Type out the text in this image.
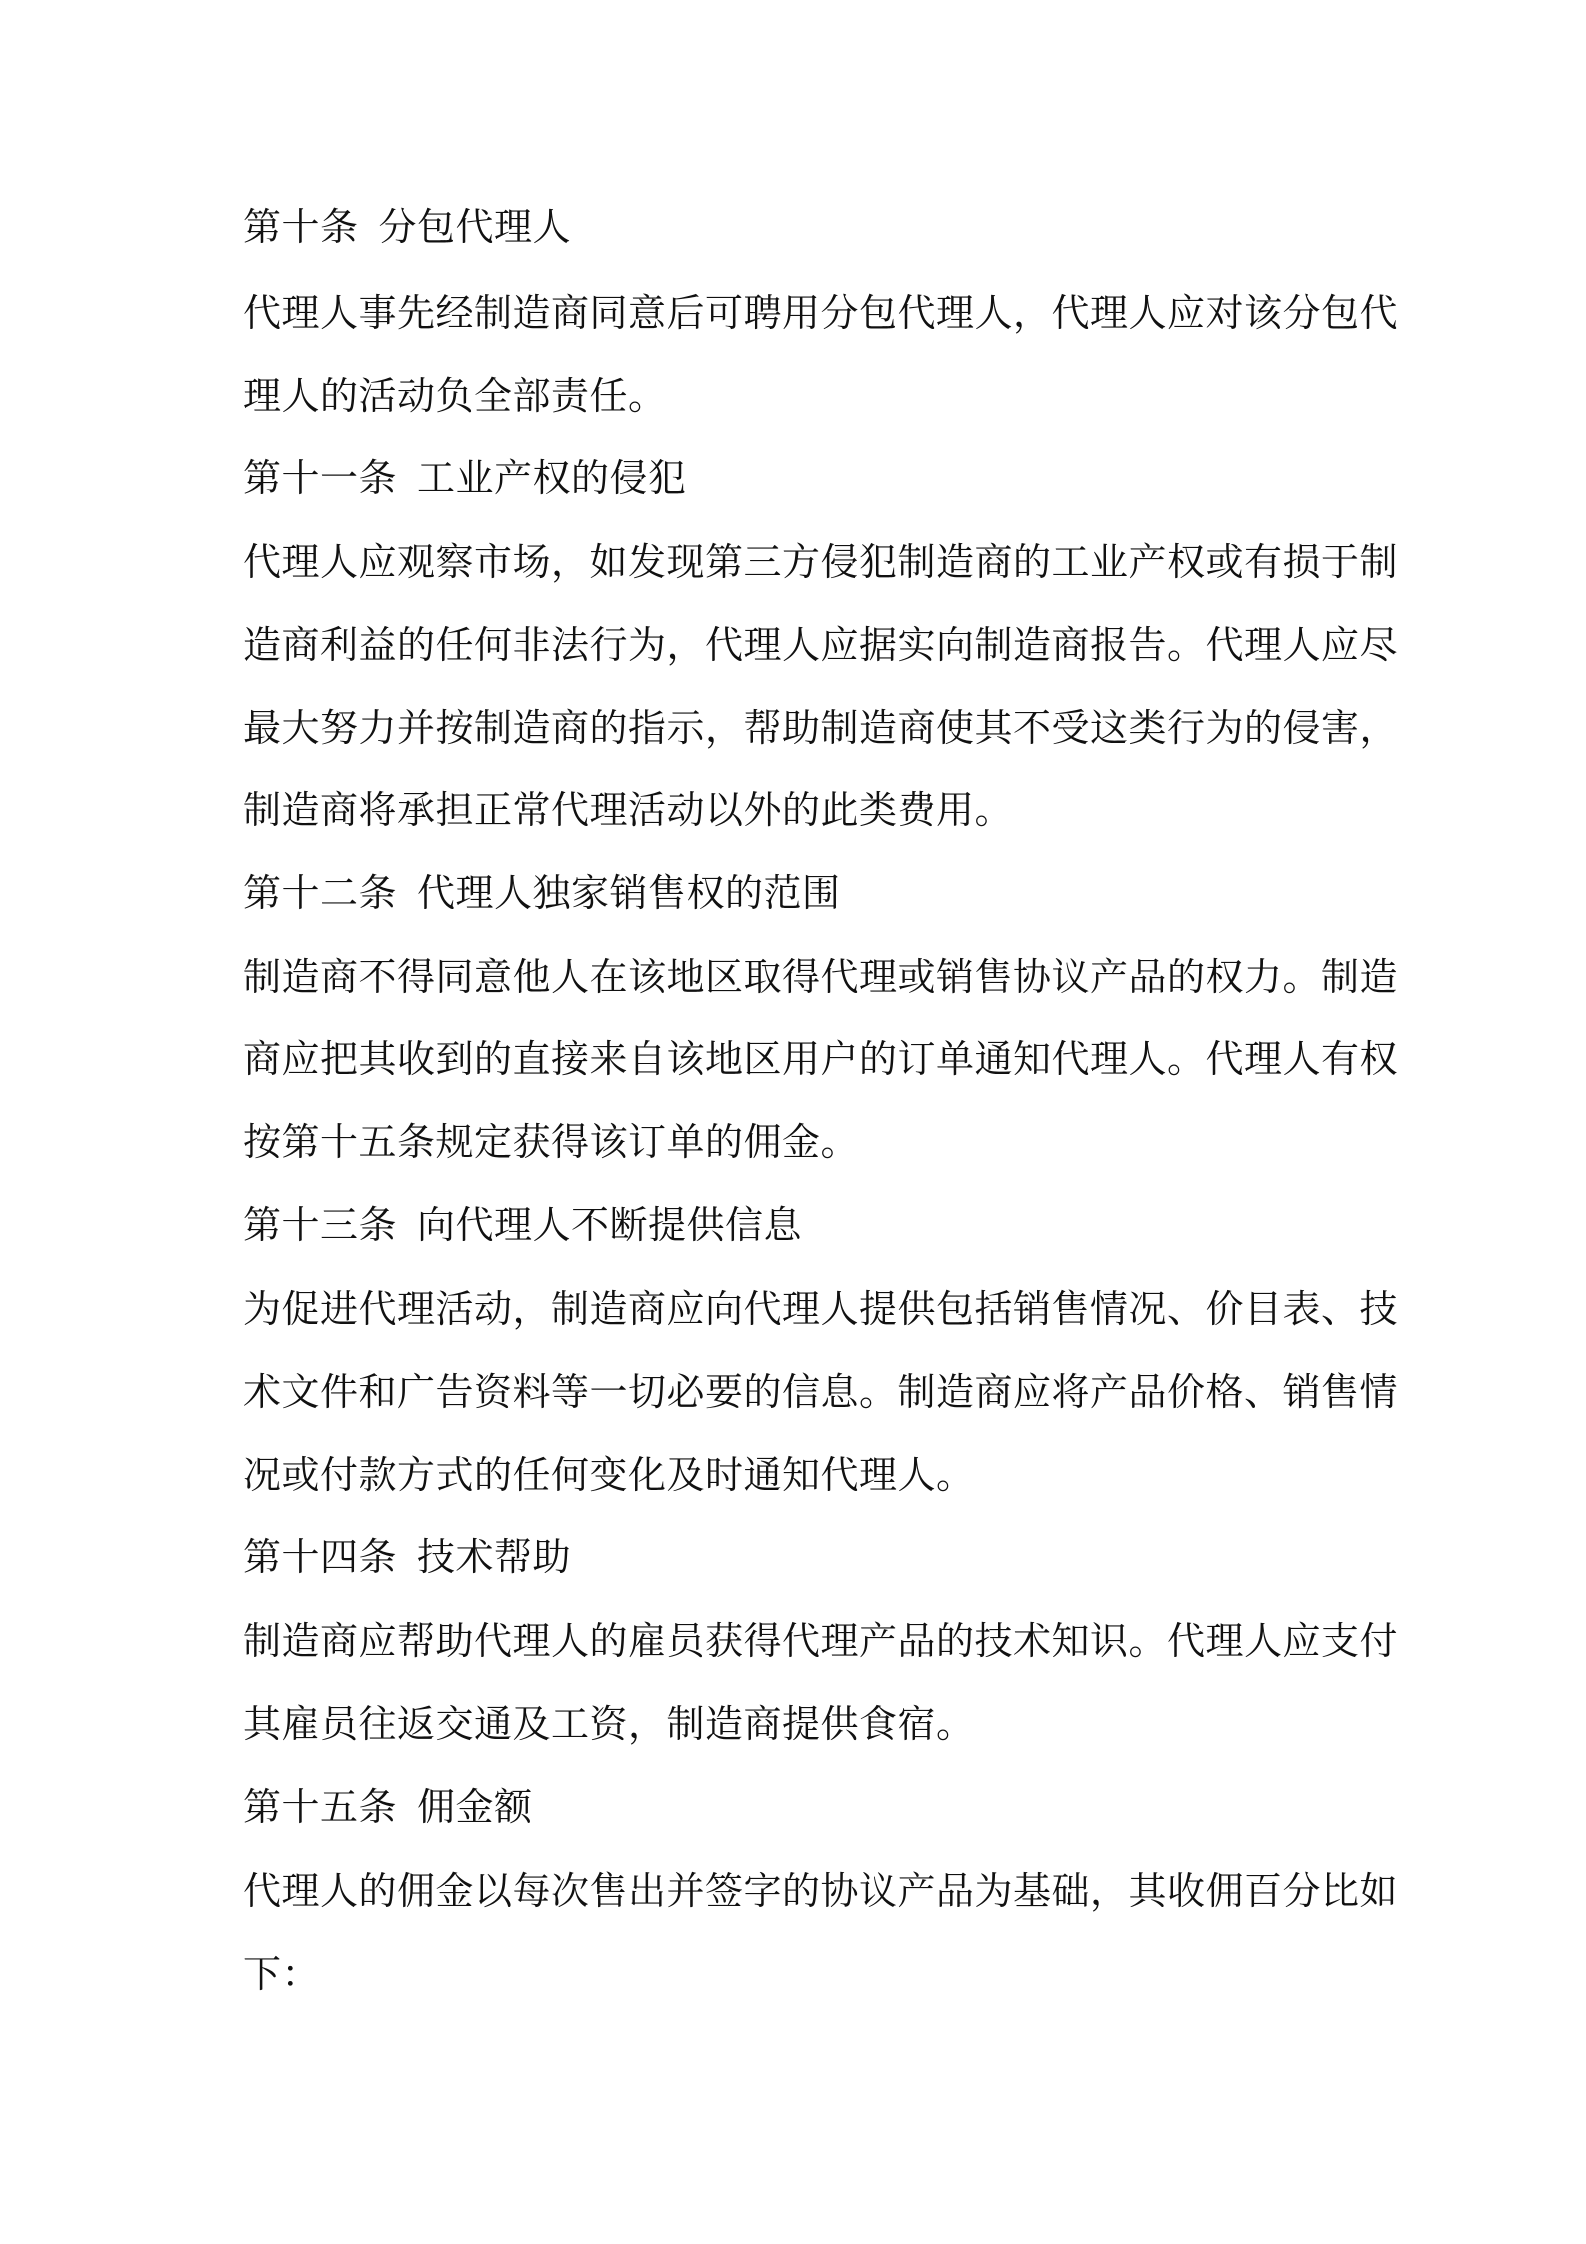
第十条 分包代理人
代理人事先经制造商同意后可聘用分包代理人，代理人应对该分包代
理人的活动负全部责任。
第十一条 工业产权的侵犯
代理人应观察市场，如发现第三方侵犯制造商的工业产权或有损于制
造商利益的任何非法行为，代理人应据实向制造商报告。代理人应尽
最大努力并按制造商的指示，帮助制造商使其不受这类行为的侵害，
制造商将承担正常代理活动以外的此类费用。
第十二条 代理人独家销售权的范围
制造商不得同意他人在该地区取得代理或销售协议产品的权力。制造
商应把其收到的直接来自该地区用户的订单通知代理人。代理人有权
按第十五条规定获得该订单的佣金。
第十三条 向代理人不断提供信息
为促进代理活动，制造商应向代理人提供包括销售情况、价目表、技
术文件和广告资料等一切必要的信息。制造商应将产品价格、销售情
况或付款方式的任何变化及时通知代理人。
第十四条 技术帮助
制造商应帮助代理人的雇员获得代理产品的技术知识。代理人应支付
其雇员往返交通及工资，制造商提供食宿。
第十五条 佣金额
代理人的佣金以每次售出并签字的协议产品为基础，其收佣百分比如
下：
